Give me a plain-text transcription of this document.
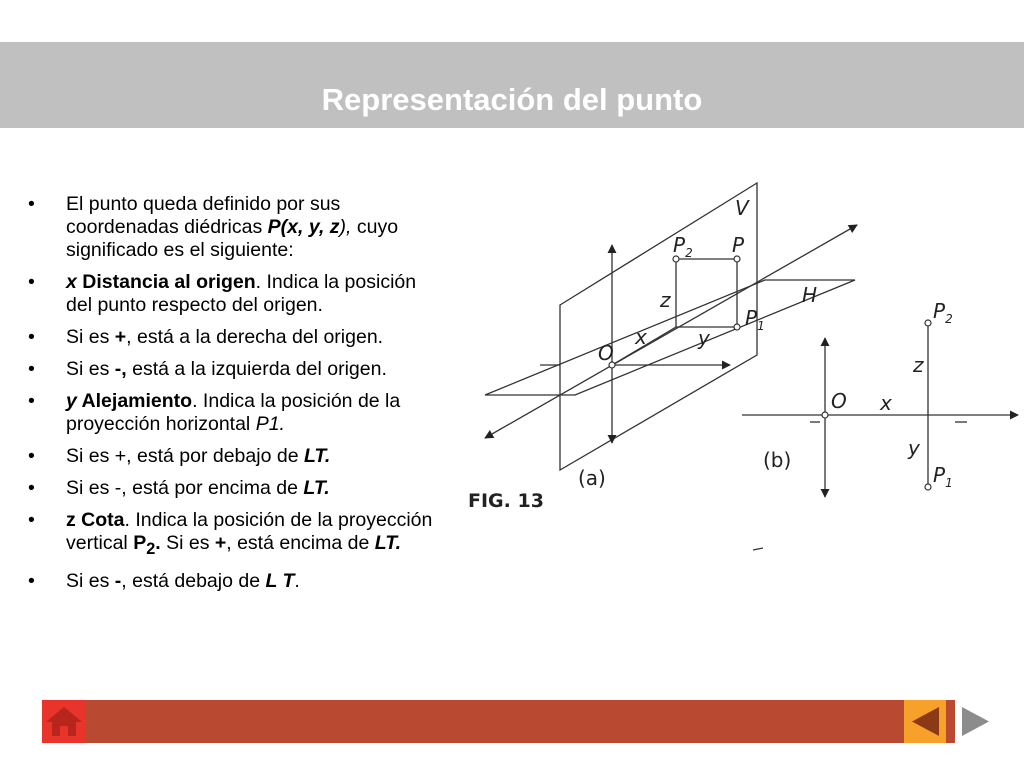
Representación del punto
• El punto queda definido por sus coordenadas diédricas P(x, y, z), cuyo significado es el siguiente:
• x Distancia al origen. Indica la posición del punto respecto del origen.
• Si es +, está a la derecha del origen.
• Si es -, está a la izquierda del origen.
• y Alejamiento. Indica la posición de la proyección horizontal P1.
• Si es +, está por debajo de LT.
• Si es -, está por encima de LT.
• z Cota. Indica la posición de la proyección vertical $P_2$. Si es +, está encima de LT.
• Si es -, está debajo de L T.
V
H
$P_2$ P
$P_1$
z
x	y
O
$P_2$
z
O x
y
$P_1$
(b)
(a)
FIG. 13
